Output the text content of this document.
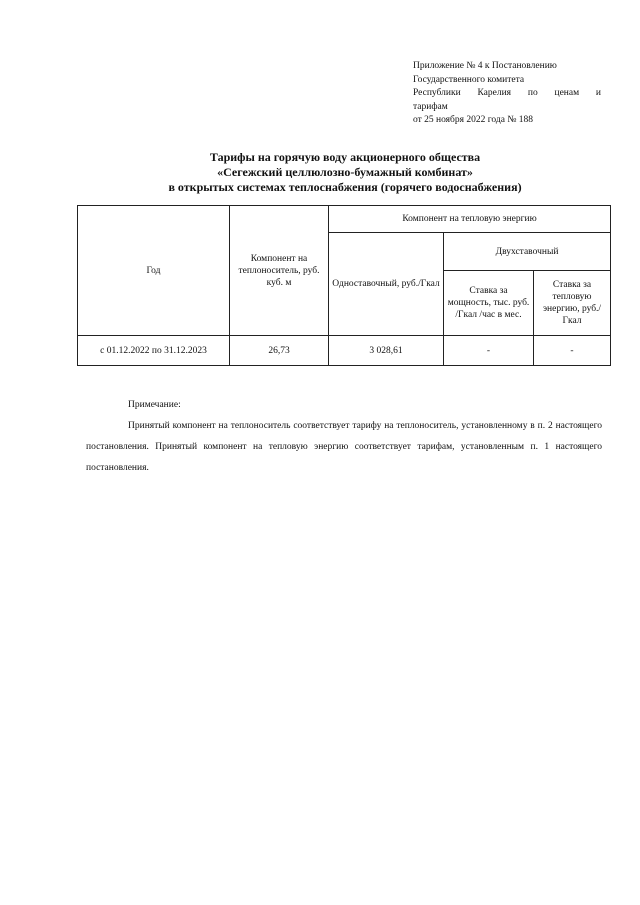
Приложение № 4 к Постановлению
Государственного комитета
Республики Карелия по ценам и
тарифам
от 25 ноября 2022 года № 188
Тарифы на горячую воду акционерного общества
«Сегежский целлюлозно-бумажный комбинат»
в открытых системах теплоснабжения (горячего водоснабжения)
Год	Компонент на теплоноситель, руб. куб. м	Компонент на тепловую энергию		
		Одноставочный, руб./Гкал	Двухставочный	
			Ставка за мощность, тыс. руб. /Гкал /час в мес.	Ставка за тепловую энергию, руб./Гкал
с 01.12.2022 по 31.12.2023	26,73	3 028,61	-	-
Примечание:

Принятый компонент на теплоноситель соответствует тарифу на теплоноситель, установленному в п. 2 настоящего постановления. Принятый компонент на тепловую энергию соответствует тарифам, установленным п. 1 настоящего постановления.
